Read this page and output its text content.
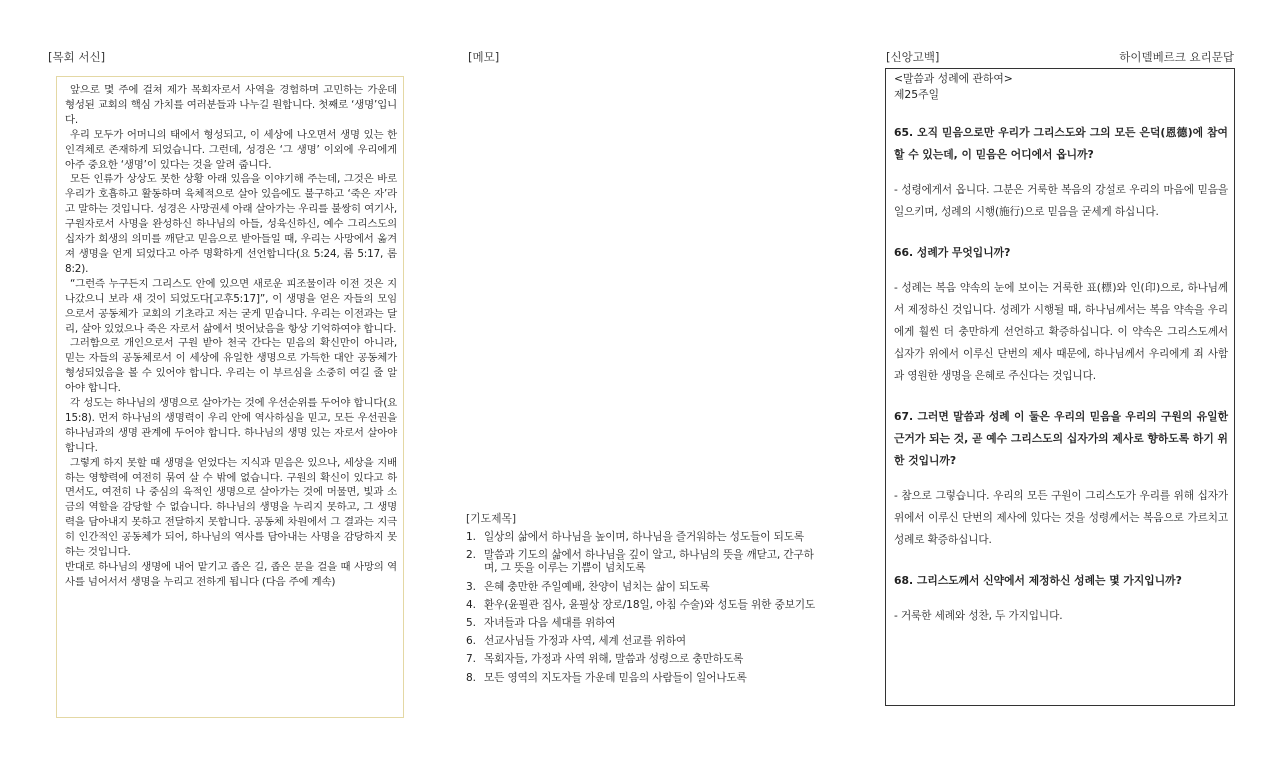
[목회 서신]	[메모]	[신앙고백]	하이델베르크 요리문답

앞으로 몇 주에 걸쳐 제가 목회자로서 사역을 경험하며 고민하는 가운데 형성된 교회의 핵심 가치를 여러분들과 나누길 원합니다. 첫째로 ‘생명’입니다.

우리 모두가 어머니의 태에서 형성되고, 이 세상에 나오면서 생명 있는 한 인격체로 존재하게 되었습니다. 그런데, 성경은 ‘그 생명’ 이외에 우리에게 아주 중요한 ‘생명’이 있다는 것을 알려 줍니다.

모든 인류가 상상도 못한 상황 아래 있음을 이야기해 주는데, 그것은 바로 우리가 호흡하고 활동하며 육체적으로 살아 있음에도 불구하고 ‘죽은 자’라고 말하는 것입니다. 성경은 사망권세 아래 살아가는 우리를 불쌍히 여기사, 구원자로서 사명을 완성하신 하나님의 아들, 성육신하신, 예수 그리스도의 십자가 희생의 의미를 깨닫고 믿음으로 받아들일 때, 우리는 사망에서 옮겨져 생명을 얻게 되었다고 아주 명확하게 선언합니다(요 5:24, 롬 5:17, 롬 8:2).

“그런즉 누구든지 그리스도 안에 있으면 새로운 피조물이라 이전 것은 지나갔으니 보라 새 것이 되었도다[고후5:17]”, 이 생명을 얻은 자들의 모임으로서 공동체가 교회의 기초라고 저는 굳게 믿습니다. 우리는 이전과는 달리, 살아 있었으나 죽은 자로서 삶에서 벗어났음을 항상 기억하여야 합니다.

그러함으로 개인으로서 구원 받아 천국 간다는 믿음의 확신만이 아니라, 믿는 자들의 공동체로서 이 세상에 유일한 생명으로 가득한 대안 공동체가 형성되었음을 볼 수 있어야 합니다. 우리는 이 부르심을 소중히 여길 줄 알아야 합니다.

각 성도는 하나님의 생명으로 살아가는 것에 우선순위를 두어야 합니다(요 15:8). 먼저 하나님의 생명력이 우리 안에 역사하심을 믿고, 모든 우선권을 하나님과의 생명 관계에 두어야 합니다. 하나님의 생명 있는 자로서 살아야 합니다.

그렇게 하지 못할 때 생명을 얻었다는 지식과 믿음은 있으나, 세상을 지배하는 영향력에 여전히 묶여 살 수 밖에 없습니다. 구원의 확신이 있다고 하면서도, 여전히 나 중심의 육적인 생명으로 살아가는 것에 머물면, 빛과 소금의 역할을 감당할 수 없습니다. 하나님의 생명을 누리지 못하고, 그 생명력을 담아내지 못하고 전달하지 못합니다. 공동체 차원에서 그 결과는 지극히 인간적인 공동체가 되어, 하나님의 역사를 담아내는 사명을 감당하지 못하는 것입니다.

반대로 하나님의 생명에 내어 맡기고 좁은 길, 좁은 문을 걸을 때 사망의 역사를 넘어서서 생명을 누리고 전하게 됩니다 (다음 주에 계속)

[기도제목]
1. 일상의 삶에서 하나님을 높이며, 하나님을 즐거워하는 성도들이 되도록
2. 말씀과 기도의 삶에서 하나님을 깊이 알고, 하나님의 뜻을 깨닫고, 간구하며, 그 뜻을 이루는 기쁨이 넘치도록
3. 은혜 충만한 주일예배, 찬양이 넘치는 삶이 되도록
4. 환우(윤필관 집사, 윤필상 장로/18일, 아침 수술)와 성도들 위한 중보기도
5. 자녀들과 다음 세대를 위하여
6. 선교사님들 가정과 사역, 세계 선교를 위하여
7. 목회자들, 가정과 사역 위해, 말씀과 성령으로 충만하도록
8. 모든 영역의 지도자들 가운데 믿음의 사람들이 일어나도록
<말씀과 성례에 관하여>
제25주일
65. 오직 믿음으로만 우리가 그리스도와 그의 모든 은덕(恩德)에 참여할 수 있는데, 이 믿음은 어디에서 옵니까?
- 성령에게서 옵니다. 그분은 거룩한 복음의 강설로 우리의 마음에 믿음을 일으키며, 성례의 시행(施行)으로 믿음을 굳세게 하십니다.
66. 성례가 무엇입니까?
- 성례는 복음 약속의 눈에 보이는 거룩한 표(標)와 인(印)으로, 하나님께서 제정하신 것입니다. 성례가 시행될 때, 하나님께서는 복음 약속을 우리에게 훨씬 더 충만하게 선언하고 확증하십니다. 이 약속은 그리스도께서 십자가 위에서 이루신 단번의 제사 때문에, 하나님께서 우리에게 죄 사함과 영원한 생명을 은혜로 주신다는 것입니다.
67. 그러면 말씀과 성례 이 둘은 우리의 믿음을 우리의 구원의 유일한 근거가 되는 것, 곧 예수 그리스도의 십자가의 제사로 향하도록 하기 위한 것입니까?
- 참으로 그렇습니다. 우리의 모든 구원이 그리스도가 우리를 위해 십자가 위에서 이루신 단번의 제사에 있다는 것을 성령께서는 복음으로 가르치고 성례로 확증하십니다.
68. 그리스도께서 신약에서 제정하신 성례는 몇 가지입니까?
- 거룩한 세례와 성찬, 두 가지입니다.
